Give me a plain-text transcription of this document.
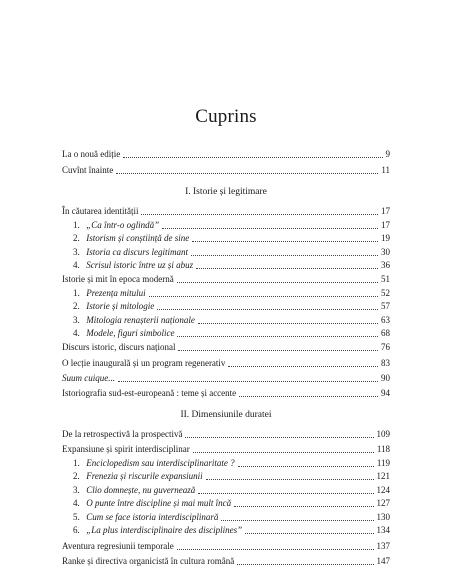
Cuprins
La o nouă ediție	9
Cuvînt înainte	11
I. Istorie și legitimare
În căutarea identității	17
1. „Ca într-o oglindă”	17
2. Istorism și conștiință de sine	19
3. Istoria ca discurs legitimant	30
4. Scrisul istoric între uz și abuz	36
Istorie și mit în epoca modernă	51
1. Prezența mitului	52
2. Istorie și mitologie	57
3. Mitologia renașterii naționale	63
4. Modele, figuri simbolice	68
Discurs istoric, discurs național	76
O lecție inaugurală și un program regenerativ	83
Suum cuique...	90
Istoriografia sud-est-europeană : teme și accente	94
II. Dimensiunile duratei
De la retrospectivă la prospectivă	109
Expansiune și spirit interdisciplinar	118
1. Enciclopedism sau interdisciplinaritate ?	119
2. Frenezia și riscurile expansiunii	121
3. Clio domnește, nu guvernează	124
4. O punte între discipline și mai mult încă	127
5. Cum se face istoria interdisciplinară	130
6. „La plus interdisciplinaire des disciplines”	134
Aventura regresiunii temporale	137
Ranke și directiva organicistă în cultura română	147
